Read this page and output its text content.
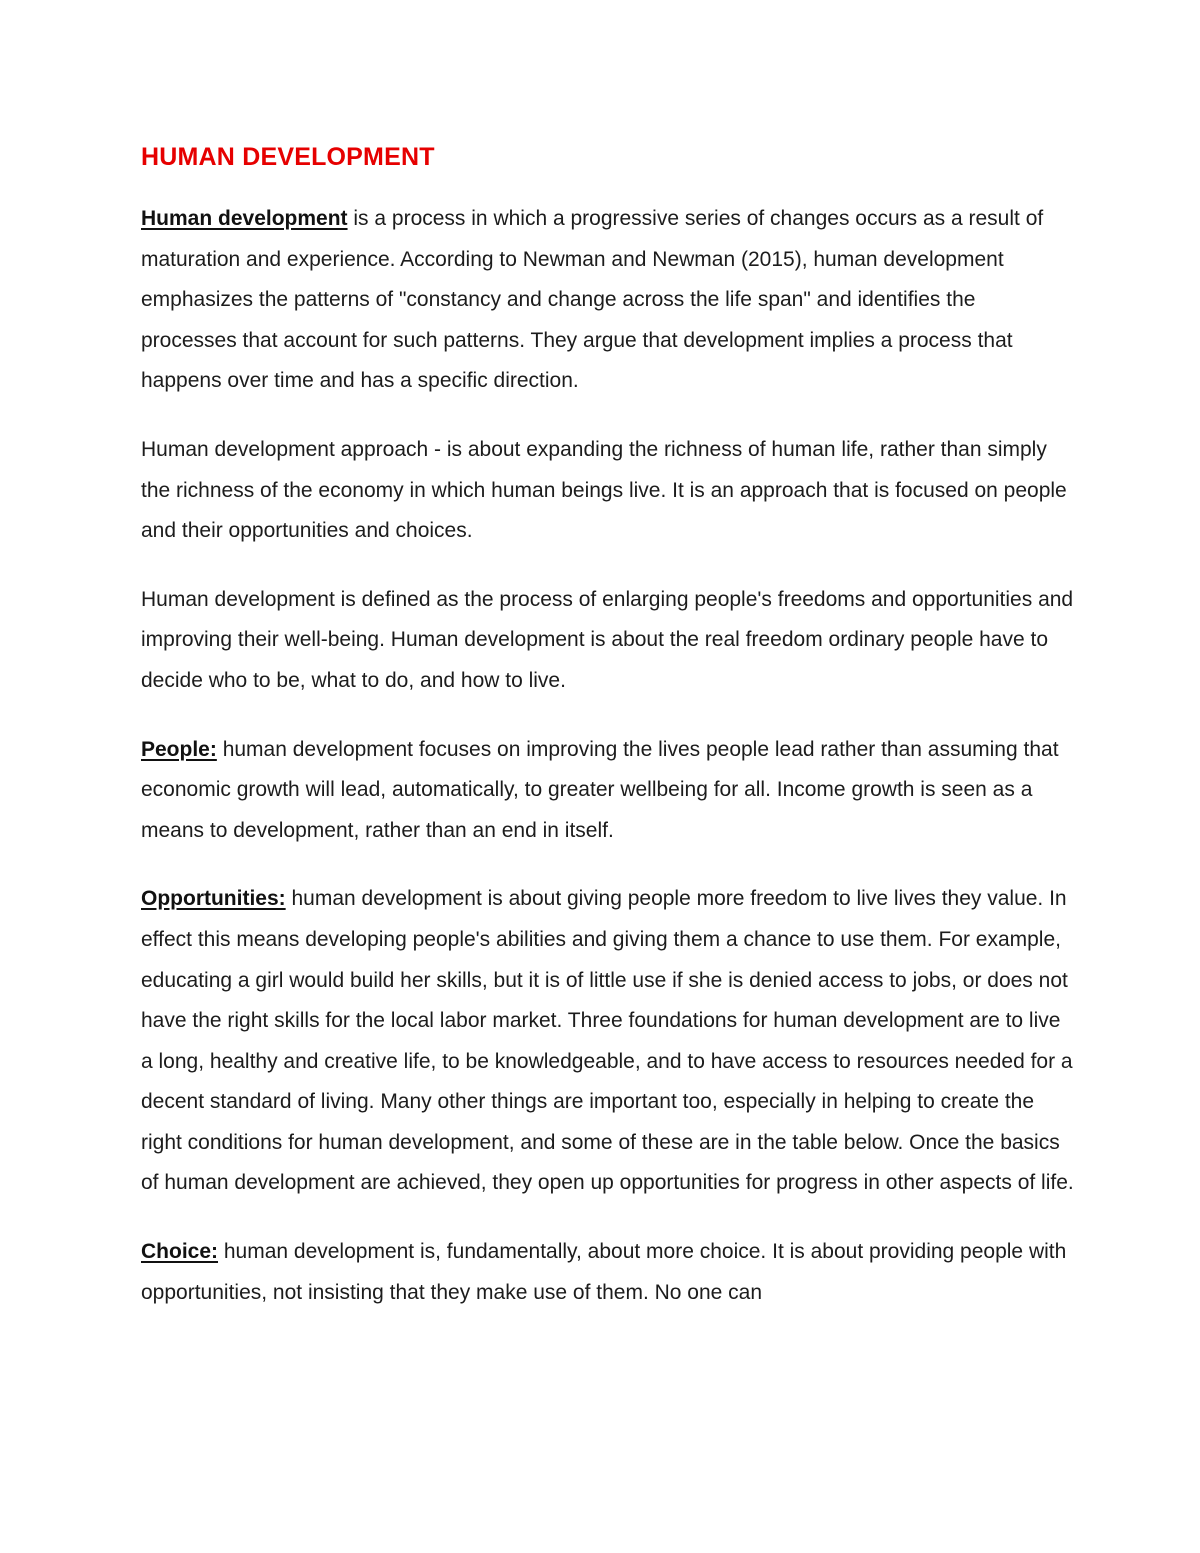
HUMAN DEVELOPMENT

Human development is a process in which a progressive series of changes occurs as a result of maturation and experience. According to Newman and Newman (2015), human development emphasizes the patterns of "constancy and change across the life span" and identifies the processes that account for such patterns. They argue that development implies a process that happens over time and has a specific direction.

Human development approach - is about expanding the richness of human life, rather than simply the richness of the economy in which human beings live. It is an approach that is focused on people and their opportunities and choices.

Human development is defined as the process of enlarging people's freedoms and opportunities and improving their well-being. Human development is about the real freedom ordinary people have to decide who to be, what to do, and how to live.

People: human development focuses on improving the lives people lead rather than assuming that economic growth will lead, automatically, to greater wellbeing for all. Income growth is seen as a means to development, rather than an end in itself.

Opportunities: human development is about giving people more freedom to live lives they value. In effect this means developing people's abilities and giving them a chance to use them. For example, educating a girl would build her skills, but it is of little use if she is denied access to jobs, or does not have the right skills for the local labor market. Three foundations for human development are to live a long, healthy and creative life, to be knowledgeable, and to have access to resources needed for a decent standard of living. Many other things are important too, especially in helping to create the right conditions for human development, and some of these are in the table below. Once the basics of human development are achieved, they open up opportunities for progress in other aspects of life.

Choice: human development is, fundamentally, about more choice. It is about providing people with opportunities, not insisting that they make use of them. No one can
